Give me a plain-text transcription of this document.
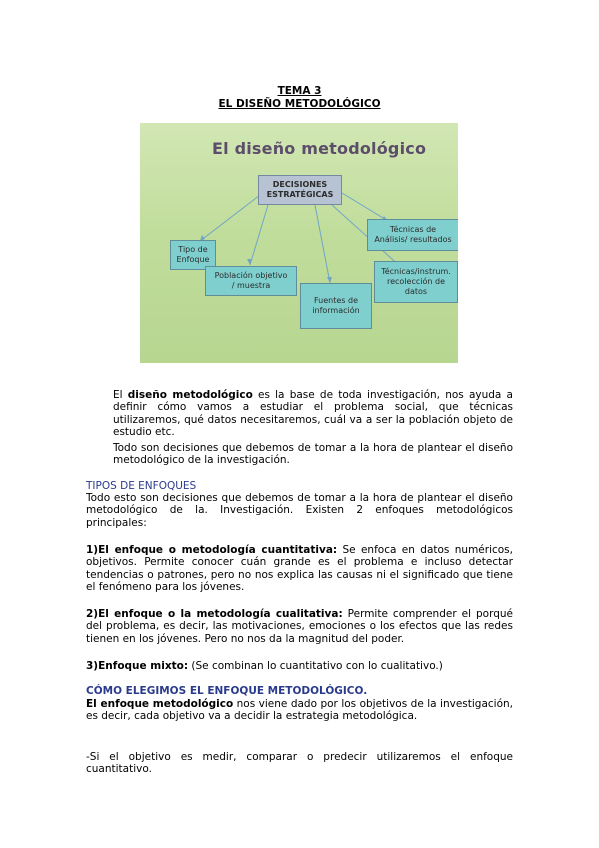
TEMA 3
EL DISEÑO METODOLÓGICO
El diseño metodológico
DECISIONES
ESTRATÉGICAS
Tipo de
Enfoque
Población objetivo
/ muestra
Fuentes de
información
Técnicas de
Análisis/ resultados
Técnicas/instrum.
recolección de
datos

El diseño metodológico es la base de toda investigación, nos ayuda a definir cómo vamos a estudiar el problema social, que técnicas utilizaremos, qué datos necesitaremos, cuál va a ser la población objeto de estudio etc.

Todo son decisiones que debemos de tomar a la hora de plantear el diseño metodológico de la investigación.

TIPOS DE ENFOQUES

Todo esto son decisiones que debemos de tomar a la hora de plantear el diseño metodológico de la. Investigación. Existen 2 enfoques metodológicos principales:

1)El enfoque o metodología cuantitativa: Se enfoca en datos numéricos, objetivos. Permite conocer cuán grande es el problema e incluso detectar tendencias o patrones, pero no nos explica las causas ni el significado que tiene el fenómeno para los jóvenes.

2)El enfoque o la metodología cualitativa: Permite comprender el porqué del problema, es decir, las motivaciones, emociones o los efectos que las redes tienen en los jóvenes. Pero no nos da la magnitud del poder.

3)Enfoque mixto: (Se combinan lo cuantitativo con lo cualitativo.)

CÓMO ELEGIMOS EL ENFOQUE METODOLÓGICO.

El enfoque metodológico nos viene dado por los objetivos de la investigación, es decir, cada objetivo va a decidir la estrategia metodológica.

-Si el objetivo es medir, comparar o predecir utilizaremos el enfoque cuantitativo.
